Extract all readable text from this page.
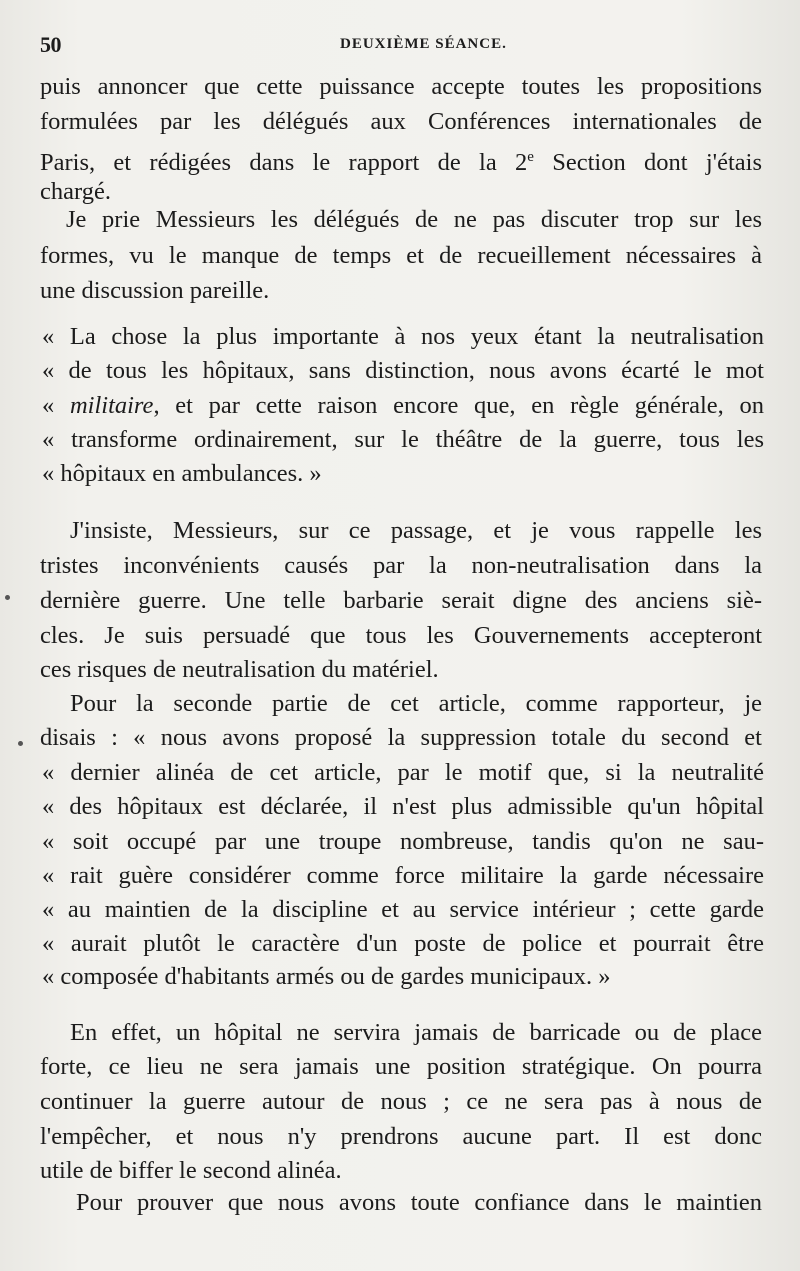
50	DEUXIÈME SÉANCE.
puis annoncer que cette puissance accepte toutes les propositions
formulées par les délégués aux Conférences internationales de
Paris, et rédigées dans le rapport de la 2e Section dont j'étais
chargé.
Je prie Messieurs les délégués de ne pas discuter trop sur les
formes, vu le manque de temps et de recueillement nécessaires à
une discussion pareille.
« La chose la plus importante à nos yeux étant la neutralisation
« de tous les hôpitaux, sans distinction, nous avons écarté le mot
« militaire, et par cette raison encore que, en règle générale, on
« transforme ordinairement, sur le théâtre de la guerre, tous les
« hôpitaux en ambulances. »
J'insiste, Messieurs, sur ce passage, et je vous rappelle les
tristes inconvénients causés par la non-neutralisation dans la
dernière guerre. Une telle barbarie serait digne des anciens siè-
cles. Je suis persuadé que tous les Gouvernements accepteront
ces risques de neutralisation du matériel.
Pour la seconde partie de cet article, comme rapporteur, je
disais : « nous avons proposé la suppression totale du second et
« dernier alinéa de cet article, par le motif que, si la neutralité
« des hôpitaux est déclarée, il n'est plus admissible qu'un hôpital
« soit occupé par une troupe nombreuse, tandis qu'on ne sau-
« rait guère considérer comme force militaire la garde nécessaire
« au maintien de la discipline et au service intérieur ; cette garde
« aurait plutôt le caractère d'un poste de police et pourrait être
« composée d'habitants armés ou de gardes municipaux. »
En effet, un hôpital ne servira jamais de barricade ou de place
forte, ce lieu ne sera jamais une position stratégique. On pourra
continuer la guerre autour de nous ; ce ne sera pas à nous de
l'empêcher, et nous n'y prendrons aucune part. Il est donc
utile de biffer le second alinéa.
Pour prouver que nous avons toute confiance dans le maintien
